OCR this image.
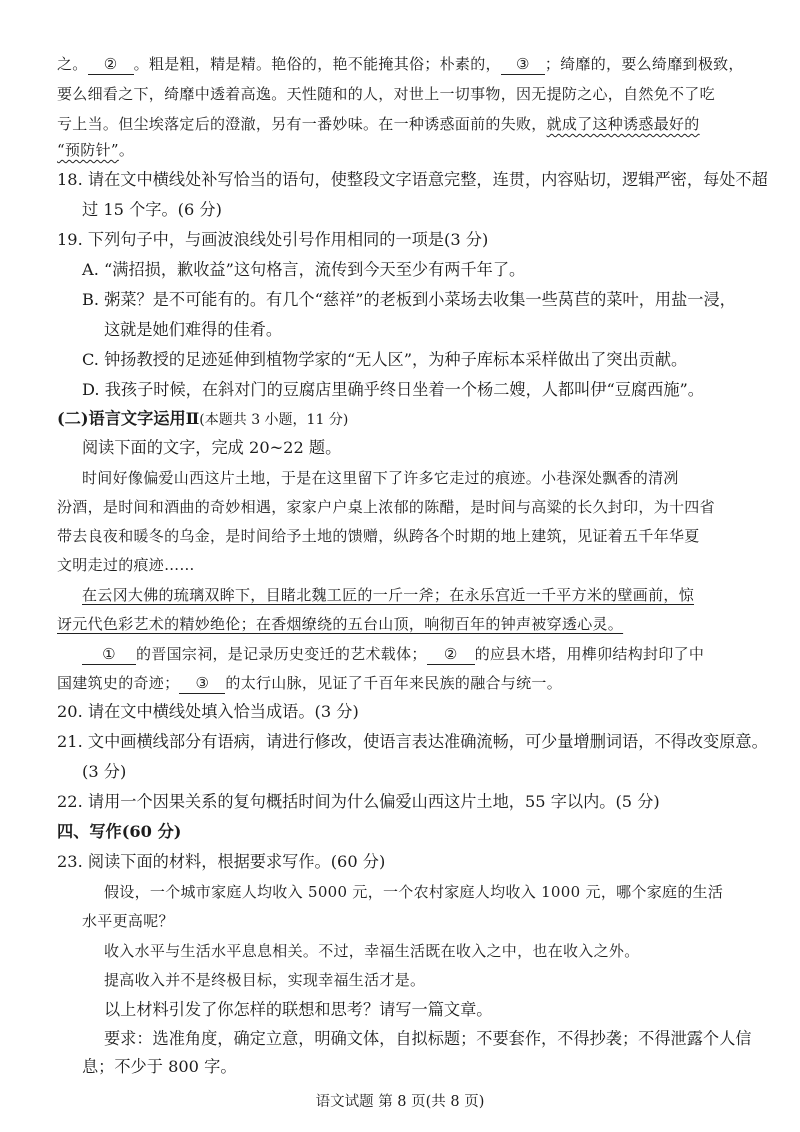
之。 ② 。粗是粗，精是精。艳俗的，艳不能掩其俗；朴素的， ③ ；绮靡的，要么绮靡到极致，
要么细看之下，绮靡中透着高逸。天性随和的人，对世上一切事物，因无提防之心，自然免不了吃
亏上当。但尘埃落定后的澄澈，另有一番妙味。在一种诱惑面前的失败，就成了这种诱惑最好的
“预防针”。
18. 请在文中横线处补写恰当的语句，使整段文字语意完整，连贯，内容贴切，逻辑严密，每处不超
过 15 个字。(6 分)
19. 下列句子中，与画波浪线处引号作用相同的一项是(3 分)
A. “满招损，歉收益”这句格言，流传到今天至少有两千年了。
B. 粥菜？是不可能有的。有几个“慈祥”的老板到小菜场去收集一些莴苣的菜叶，用盐一浸，
这就是她们难得的佳肴。
C. 钟扬教授的足迹延伸到植物学家的“无人区”，为种子库标本采样做出了突出贡献。
D. 我孩子时候，在斜对门的豆腐店里确乎终日坐着一个杨二嫂，人都叫伊“豆腐西施”。
(二)语言文字运用Ⅱ(本题共 3 小题，11 分)
阅读下面的文字，完成 20~22 题。
时间好像偏爱山西这片土地，于是在这里留下了许多它走过的痕迹。小巷深处飘香的清冽
汾酒，是时间和酒曲的奇妙相遇，家家户户桌上浓郁的陈醋，是时间与高粱的长久封印，为十四省
带去良夜和暖冬的乌金，是时间给予土地的馈赠，纵跨各个时期的地上建筑，见证着五千年华夏
文明走过的痕迹……
在云冈大佛的琉璃双眸下，目睹北魏工匠的一斤一斧；在永乐宫近一千平方米的壁画前，惊
讶元代色彩艺术的精妙绝伦；在香烟缭绕的五台山顶，响彻百年的钟声被穿透心灵。
① 的晋国宗祠，是记录历史变迁的艺术载体； ② 的应县木塔，用榫卯结构封印了中
国建筑史的奇迹； ③ 的太行山脉，见证了千百年来民族的融合与统一。
20. 请在文中横线处填入恰当成语。(3 分)
21. 文中画横线部分有语病，请进行修改，使语言表达准确流畅，可少量增删词语，不得改变原意。
(3 分)
22. 请用一个因果关系的复句概括时间为什么偏爱山西这片土地，55 字以内。(5 分)
四、写作(60 分)
23. 阅读下面的材料，根据要求写作。(60 分)
假设，一个城市家庭人均收入 5000 元，一个农村家庭人均收入 1000 元，哪个家庭的生活
水平更高呢？
收入水平与生活水平息息相关。不过，幸福生活既在收入之中，也在收入之外。
提高收入并不是终极目标，实现幸福生活才是。
以上材料引发了你怎样的联想和思考？请写一篇文章。
要求：选准角度，确定立意，明确文体，自拟标题；不要套作，不得抄袭；不得泄露个人信
息；不少于 800 字。
语文试题 第 8 页(共 8 页)
